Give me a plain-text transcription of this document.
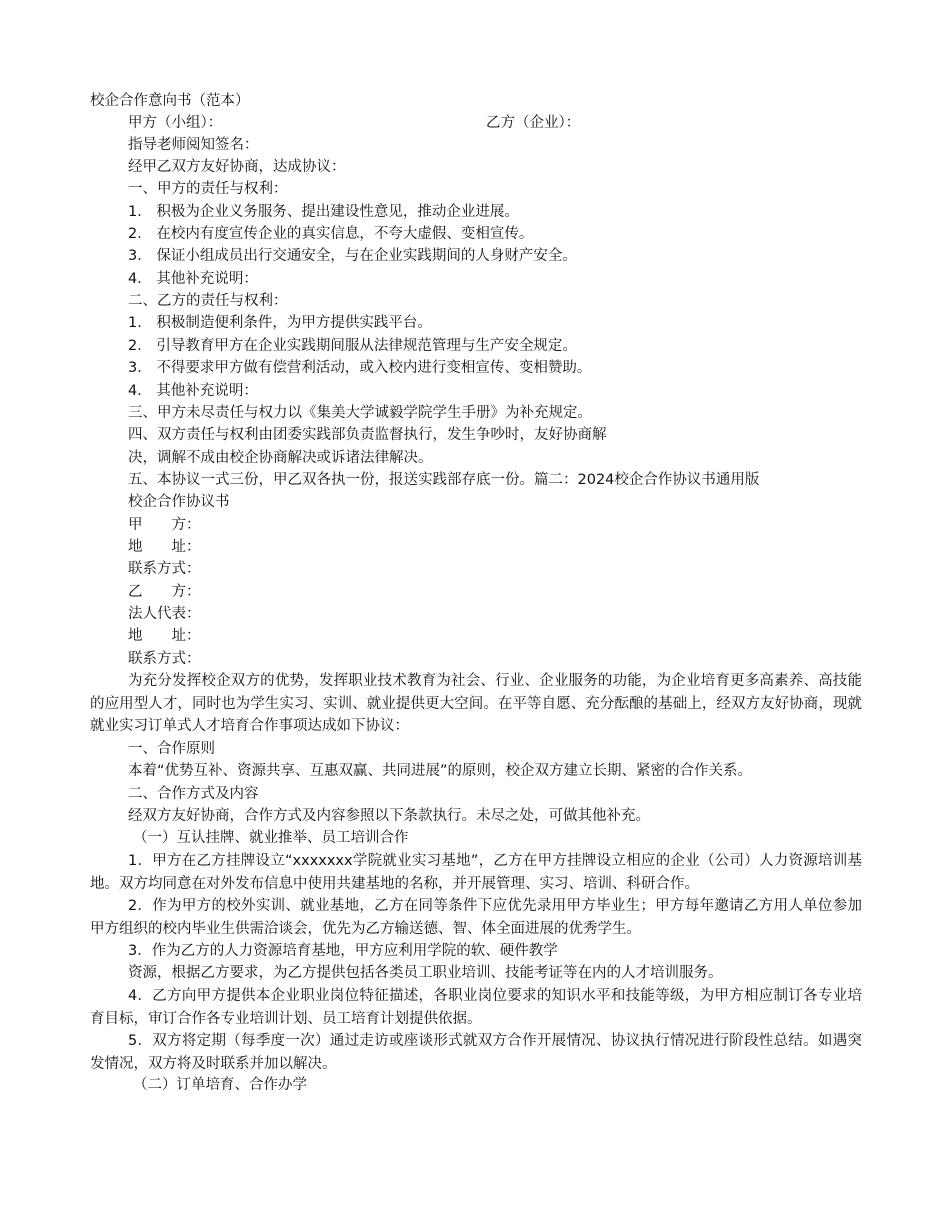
校企合作意向书（范本）
甲方（小组）：	乙方（企业）：
指导老师阅知签名：
经甲乙双方友好协商，达成协议：
一、甲方的责任与权利：
1． 积极为企业义务服务、提出建设性意见，推动企业进展。
2． 在校内有度宣传企业的真实信息，不夸大虚假、变相宣传。
3． 保证小组成员出行交通安全，与在企业实践期间的人身财产安全。
4． 其他补充说明：
二、乙方的责任与权利：
1． 积极制造便利条件，为甲方提供实践平台。
2． 引导教育甲方在企业实践期间服从法律规范管理与生产安全规定。
3． 不得要求甲方做有偿营利活动，或入校内进行变相宣传、变相赞助。
4． 其他补充说明：
三、甲方未尽责任与权力以《集美大学诚毅学院学生手册》为补充规定。
四、双方责任与权利由团委实践部负责监督执行，发生争吵时，友好协商解
决，调解不成由校企协商解决或诉诸法律解决。
五、本协议一式三份，甲乙双各执一份，报送实践部存底一份。篇二：2024校企合作协议书通用版
校企合作协议书
甲　　方：
地　　址：
联系方式：
乙　　方：
法人代表：
地　　址：
联系方式：
为充分发挥校企双方的优势，发挥职业技术教育为社会、行业、企业服务的功能，为企业培育更多高素养、高技能的应用型人才，同时也为学生实习、实训、就业提供更大空间。在平等自愿、充分酝酿的基础上，经双方友好协商，现就就业实习订单式人才培育合作事项达成如下协议：
一、合作原则
本着“优势互补、资源共享、互惠双赢、共同进展”的原则，校企双方建立长期、紧密的合作关系。
二、合作方式及内容
经双方友好协商，合作方式及内容参照以下条款执行。未尽之处，可做其他补充。
（一）互认挂牌、就业推举、员工培训合作
1．甲方在乙方挂牌设立“xxxxxxx学院就业实习基地”，乙方在甲方挂牌设立相应的企业（公司）人力资源培训基地。双方均同意在对外发布信息中使用共建基地的名称，并开展管理、实习、培训、科研合作。
2．作为甲方的校外实训、就业基地，乙方在同等条件下应优先录用甲方毕业生；甲方每年邀请乙方用人单位参加甲方组织的校内毕业生供需洽谈会，优先为乙方输送德、智、体全面进展的优秀学生。
3．作为乙方的人力资源培育基地，甲方应利用学院的软、硬件教学
资源，根据乙方要求，为乙方提供包括各类员工职业培训、技能考证等在内的人才培训服务。
4．乙方向甲方提供本企业职业岗位特征描述，各职业岗位要求的知识水平和技能等级，为甲方相应制订各专业培育目标，审订合作各专业培训计划、员工培育计划提供依据。
5．双方将定期（每季度一次）通过走访或座谈形式就双方合作开展情况、协议执行情况进行阶段性总结。如遇突发情况，双方将及时联系并加以解决。
（二）订单培育、合作办学
